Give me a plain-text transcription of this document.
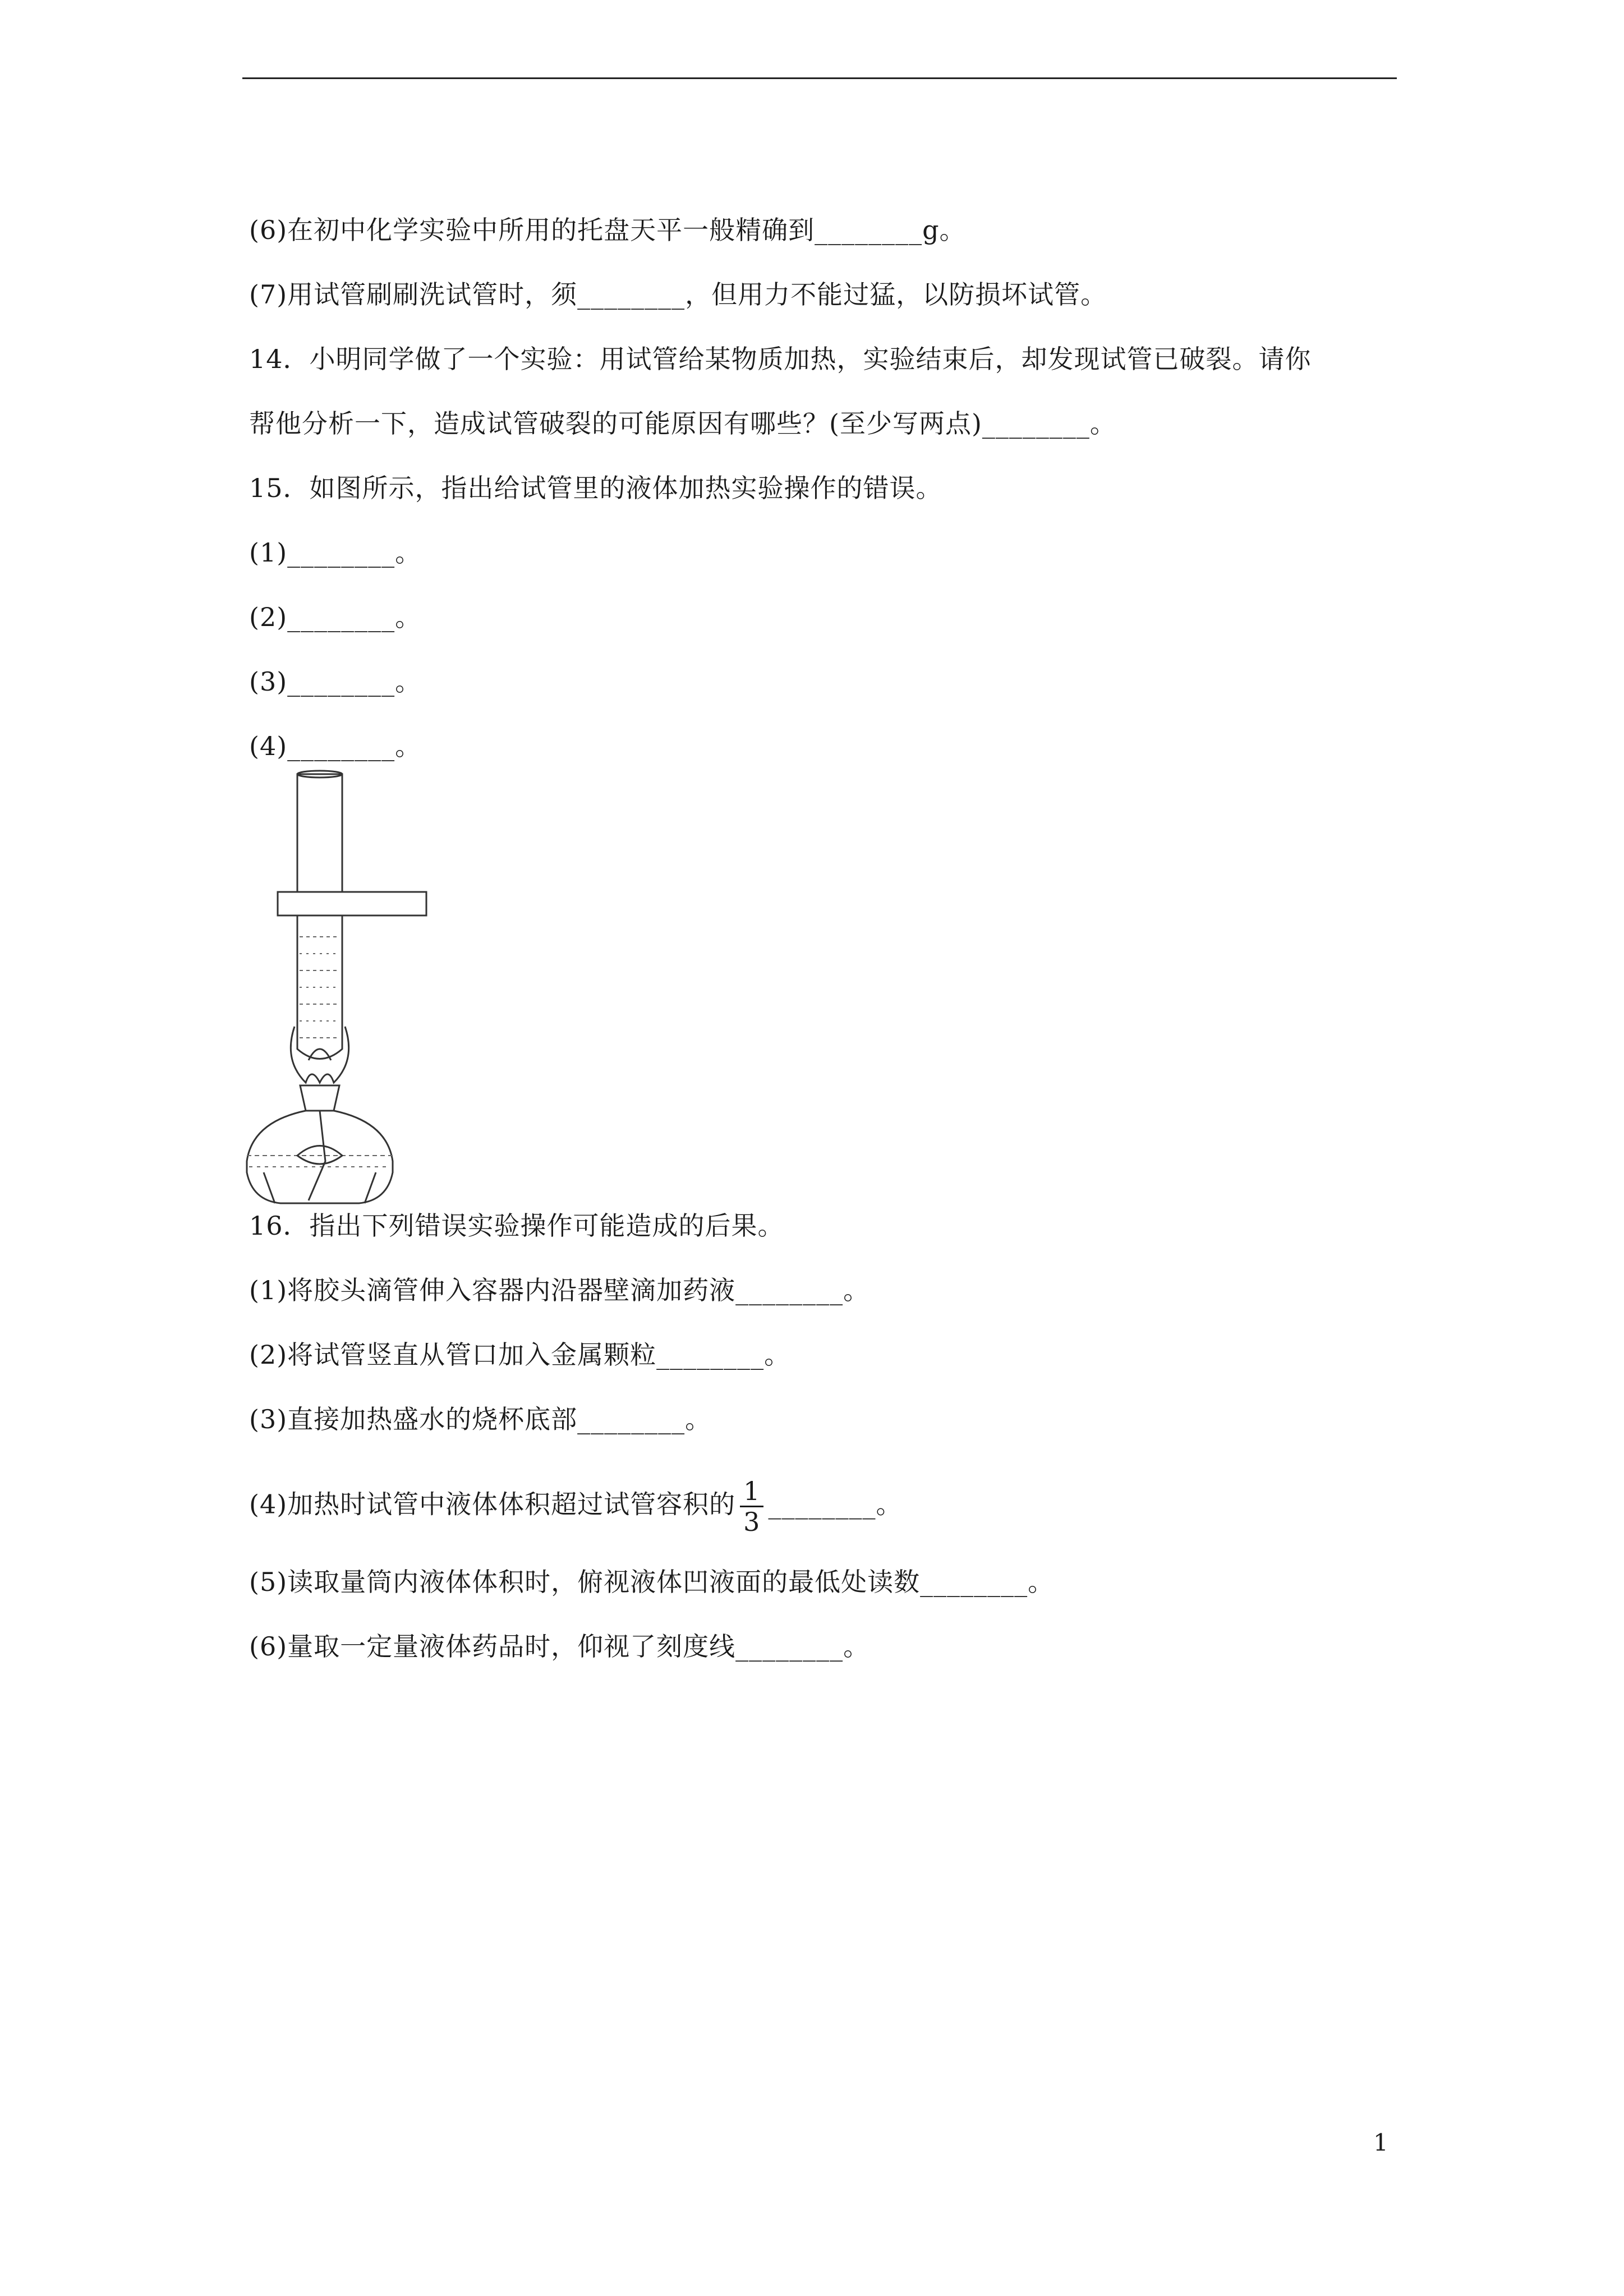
(6)在初中化学实验中所用的托盘天平一般精确到________g。
(7)用试管刷刷洗试管时，须________，但用力不能过猛，以防损坏试管。
14．小明同学做了一个实验：用试管给某物质加热，实验结束后，却发现试管已破裂。请你
帮他分析一下，造成试管破裂的可能原因有哪些？(至少写两点)________。
15．如图所示，指出给试管里的液体加热实验操作的错误。
(1)________。
(2)________。
(3)________。
(4)________。
16．指出下列错误实验操作可能造成的后果。
(1)将胶头滴管伸入容器内沿器壁滴加药液________。
(2)将试管竖直从管口加入金属颗粒________。
(3)直接加热盛水的烧杯底部________。
(4)加热时试管中液体体积超过试管容积的 $\frac{1}{3}$ ________。
(5)读取量筒内液体体积时，俯视液体凹液面的最低处读数________。
(6)量取一定量液体药品时，仰视了刻度线________。
1
